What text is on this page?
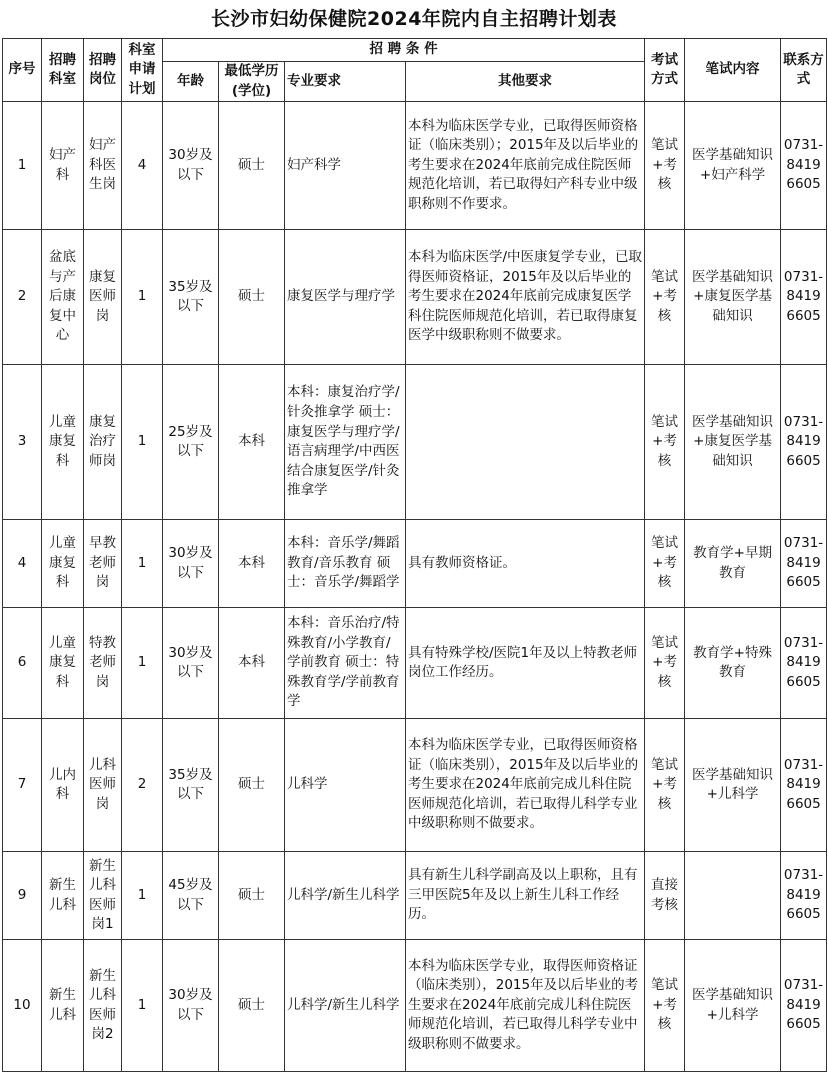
长沙市妇幼保健院2024年院内自主招聘计划表
序号	招聘科室	招聘岗位	科室申请计划	招 聘 条 件				考试方式	笔试内容	联系方式
				年龄	最低学历(学位)	专业要求	其他要求			
1	妇产科	妇产科医生岗	4	30岁及以下	硕士	妇产科学	本科为临床医学专业，已取得医师资格证（临床类别）；2015年及以后毕业的考生要求在2024年底前完成住院医师规范化培训，若已取得妇产科专业中级职称则不作要求。	笔试+考核	医学基础知识+妇产科学	0731-84196605
2	盆底与产后康复中心	康复医师岗	1	35岁及以下	硕士	康复医学与理疗学	本科为临床医学/中医康复学专业，已取得医师资格证，2015年及以后毕业的考生要求在2024年底前完成康复医学科住院医师规范化培训，若已取得康复医学中级职称则不做要求。	笔试+考核	医学基础知识+康复医学基础知识	0731-84196605
3	儿童康复科	康复治疗师岗	1	25岁及以下	本科	本科：康复治疗学/针灸推拿学 硕士：康复医学与理疗学/语言病理学/中西医结合康复医学/针灸推拿学		笔试+考核	医学基础知识+康复医学基础知识	0731-84196605
4	儿童康复科	早教老师岗	1	30岁及以下	本科	本科：音乐学/舞蹈教育/音乐教育 硕士：音乐学/舞蹈学	具有教师资格证。	笔试+考核	教育学+早期教育	0731-84196605
6	儿童康复科	特教老师岗	1	30岁及以下	本科	本科：音乐治疗/特殊教育/小学教育/学前教育 硕士：特殊教育学/学前教育学	具有特殊学校/医院1年及以上特教老师岗位工作经历。	笔试+考核	教育学+特殊教育	0731-84196605
7	儿内科	儿科医师岗	2	35岁及以下	硕士	儿科学	本科为临床医学专业，已取得医师资格证（临床类别），2015年及以后毕业的考生要求在2024年底前完成儿科住院医师规范化培训，若已取得儿科学专业中级职称则不做要求。	笔试+考核	医学基础知识+儿科学	0731-84196605
9	新生儿科	新生儿科医师岗1	1	45岁及以下	硕士	儿科学/新生儿科学	具有新生儿科学副高及以上职称，且有三甲医院5年及以上新生儿科工作经历。	直接考核		0731-84196605
10	新生儿科	新生儿科医师岗2	1	30岁及以下	硕士	儿科学/新生儿科学	本科为临床医学专业，取得医师资格证（临床类别），2015年及以后毕业的考生要求在2024年底前完成儿科住院医师规范化培训，若已取得儿科学专业中级职称则不做要求。	笔试+考核	医学基础知识+儿科学	0731-84196605
